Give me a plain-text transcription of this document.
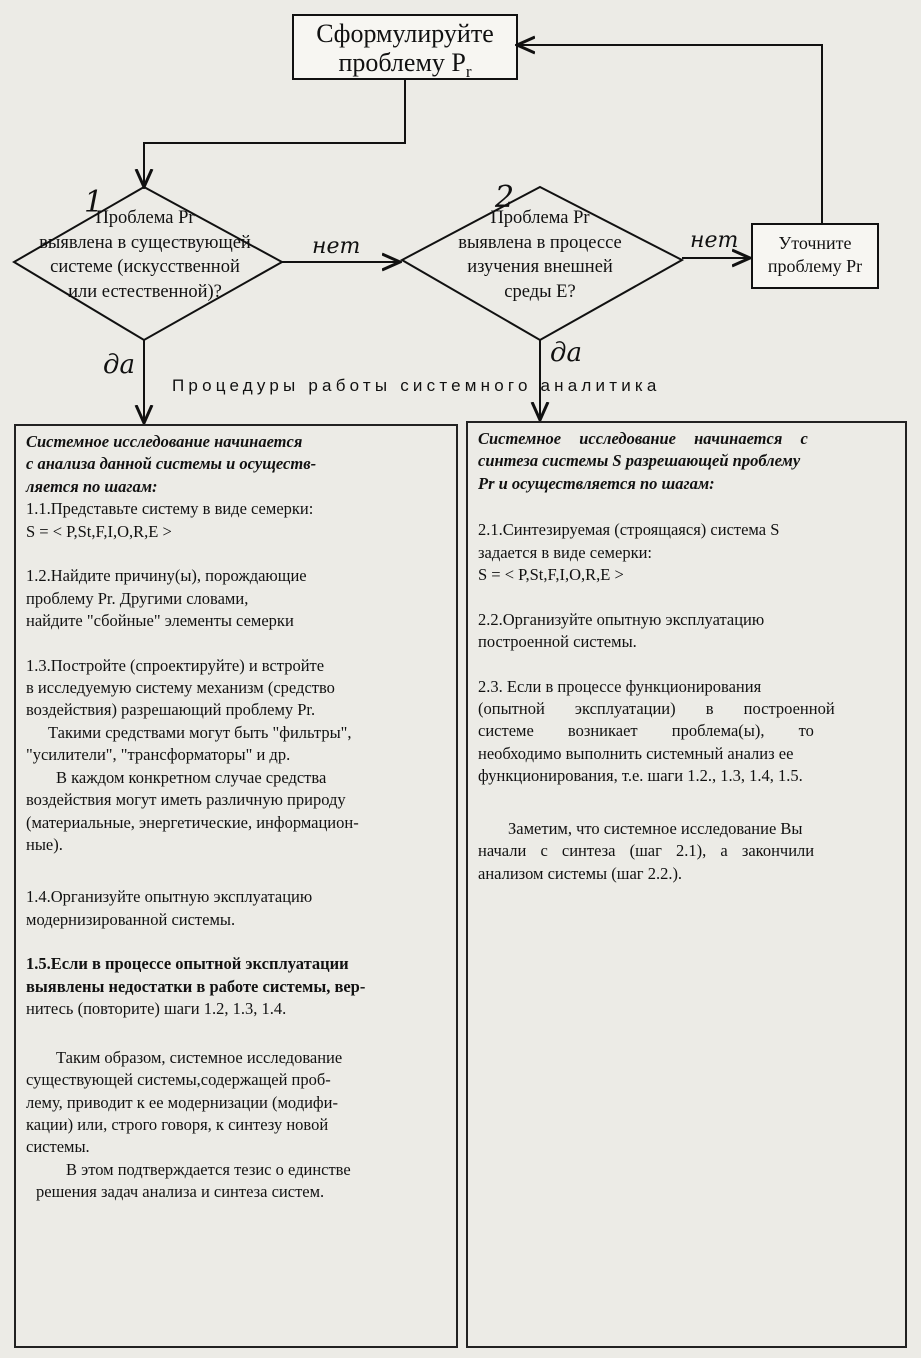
Сформулируйте
проблему $P_r$
1
Проблема Pr
выявлена в существующей
системе (искусственной
или естественной)?
2
Проблема Pr
выявлена в процессе
изучения внешней
среды E?
Уточните
проблему Pr
нет	нет
да	да
Процедуры работы системного аналитика

Системное исследование начинается

с анализа данной системы и осуществ-

ляется по шагам:

1.1.Представьте систему в виде семерки:

S = < P,St,F,I,O,R,E >

1.2.Найдите причину(ы), порождающие

проблему Pr. Другими словами,

найдите "сбойные" элементы семерки

1.3.Постройте (спроектируйте) и встройте

в исследуемую систему механизм (средство

воздействия) разрешающий проблему Pr.

Такими средствами могут быть "фильтры",

"усилители", "трансформаторы" и др.

В каждом конкретном случае средства

воздействия могут иметь различную природу

(материальные, энергетические, информацион-

ные).

1.4.Организуйте опытную эксплуатацию

модернизированной системы.

1.5.Если в процессе опытной эксплуатации

выявлены недостатки в работе системы, вер-

нитесь (повторите) шаги 1.2, 1.3, 1.4.

Таким образом, системное исследование

существующей системы,содержащей проб-

лему, приводит к ее модернизации (модифи-

кации) или, строго говоря, к синтезу новой

системы.

В этом подтверждается тезис о единстве

решения задач анализа и синтеза систем.

Системное исследование начинается с

синтеза системы S разрешающей проблему

Pr и осуществляется по шагам:

2.1.Синтезируемая (строящаяся) система S

задается в виде семерки:

S = < P,St,F,I,O,R,E >

2.2.Организуйте опытную эксплуатацию

построенной системы.

2.3. Если в процессе функционирования

(опытной эксплуатации) в построенной

системе возникает проблема(ы), то

необходимо выполнить системный анализ ее

функционирования, т.е. шаги 1.2., 1.3, 1.4, 1.5.

Заметим, что системное исследование Вы

начали с синтеза (шаг 2.1), а закончили

анализом системы (шаг 2.2.).
